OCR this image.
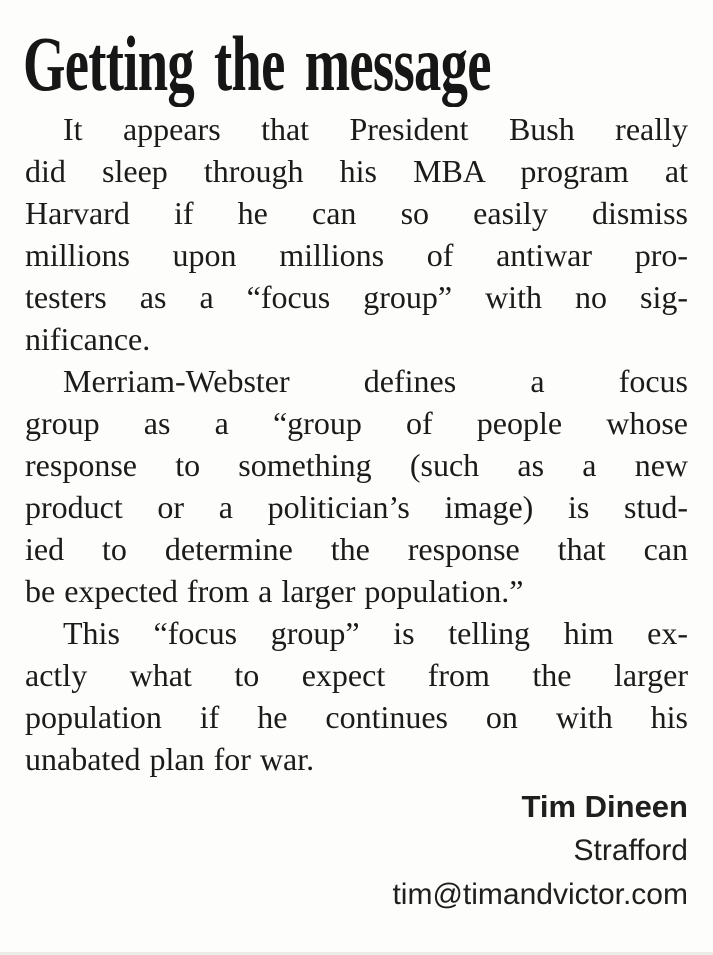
Getting the message
It appears that President Bush really
did sleep through his MBA program at
Harvard if he can so easily dismiss
millions upon millions of antiwar pro-
testers as a “focus group” with no sig-
nificance.
Merriam-Webster defines a focus
group as a “group of people whose
response to something (such as a new
product or a politician’s image) is stud-
ied to determine the response that can
be expected from a larger population.”
This “focus group” is telling him ex-
actly what to expect from the larger
population if he continues on with his
unabated plan for war.
Tim Dineen
Strafford
tim@timandvictor.com
